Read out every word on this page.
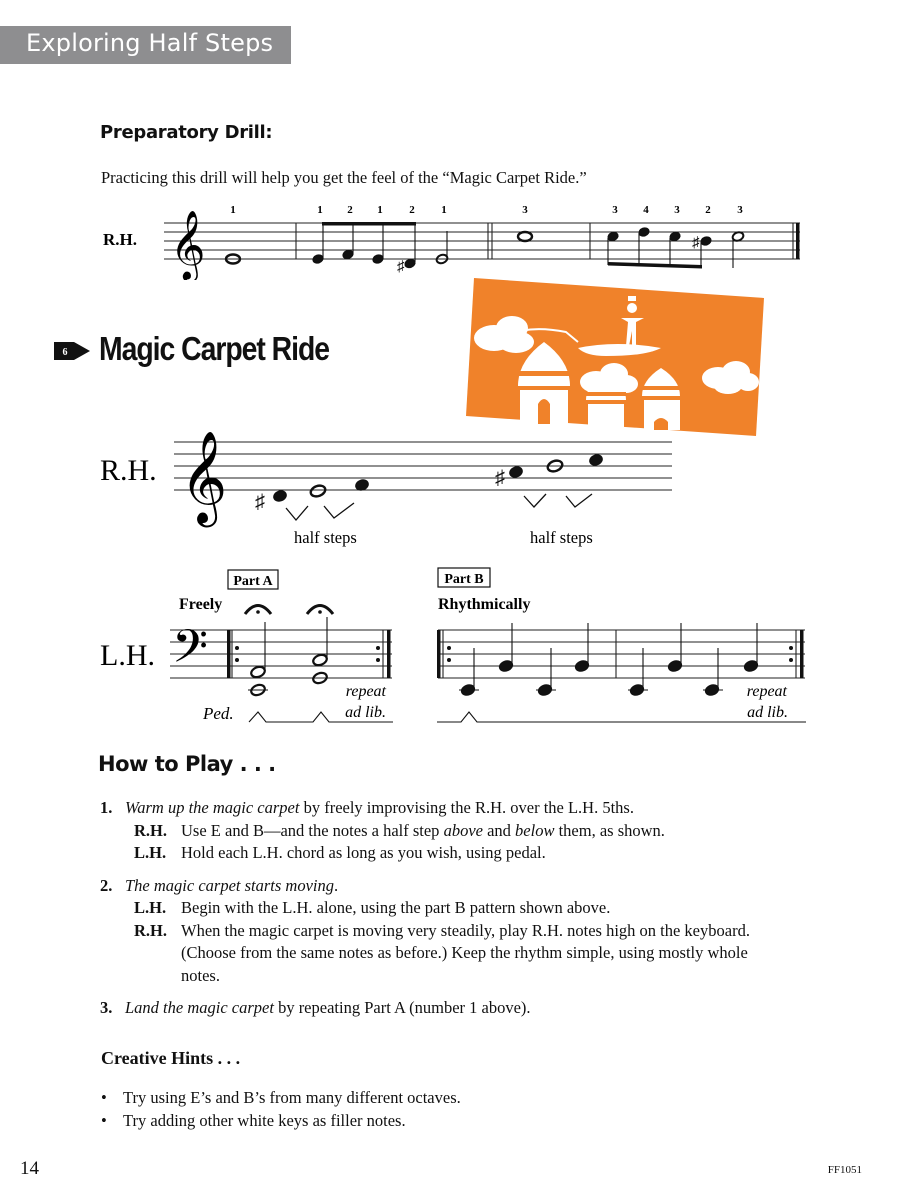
Exploring Half Steps
Preparatory Drill:
Practicing this drill will help you get the feel of the “Magic Carpet Ride.”
R.H. 𝄞
1	1 2 1 2 1	3	3 4 3 2 3
♯
♯
6 Magic Carpet Ride
R.H. 𝄞 ♯
half steps
♯
half steps
Part A
Freely
L.H. 𝄢
repeat
ad lib.
Ped.
Part B
Rhythmically
repeat
ad lib.
How to Play . . .
1. Warm up the magic carpet by freely improvising the R.H. over the L.H. 5ths.
R.H. Use E and B—and the notes a half step above and below them, as shown.
L.H. Hold each L.H. chord as long as you wish, using pedal.
2. The magic carpet starts moving.
L.H. Begin with the L.H. alone, using the part B pattern shown above.
R.H. When the magic carpet is moving very steadily, play R.H. notes high on the keyboard. (Choose from the same notes as before.) Keep the rhythm simple, using mostly whole notes.
3. Land the magic carpet by repeating Part A (number 1 above).
Creative Hints . . .
• Try using E’s and B’s from many different octaves.
• Try adding other white keys as filler notes.
14	FF1051
